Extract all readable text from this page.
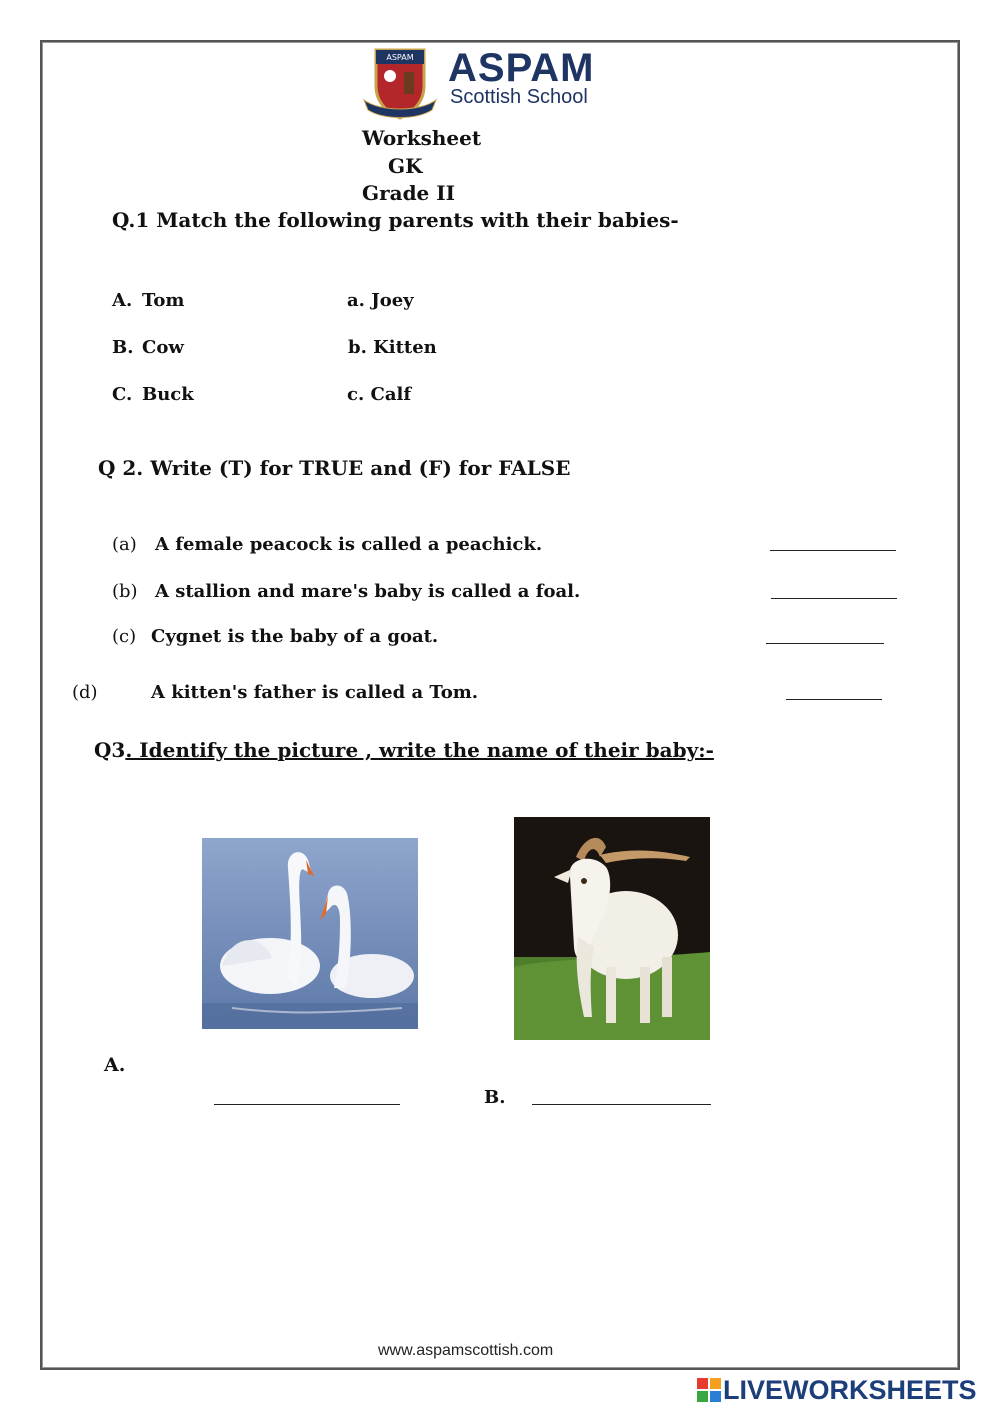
ASPAM ASPAM
Scottish School
Worksheet
GK
Grade II
Q.1 Match the following parents with their babies-
A. Tom	a. Joey
B. Cow	b. Kitten
C. Buck	c. Calf
Q 2. Write (T) for TRUE and (F) for FALSE
(a) A female peacock is called a peachick.
(b) A stallion and mare's baby is called a foal.
(c) Cygnet is the baby of a goat.
(d)	A kitten's father is called a Tom.
Q3. Identify the picture , write the name of their baby:-
A.
B.
www.aspamscottish.com
LIVEWORKSHEETS
